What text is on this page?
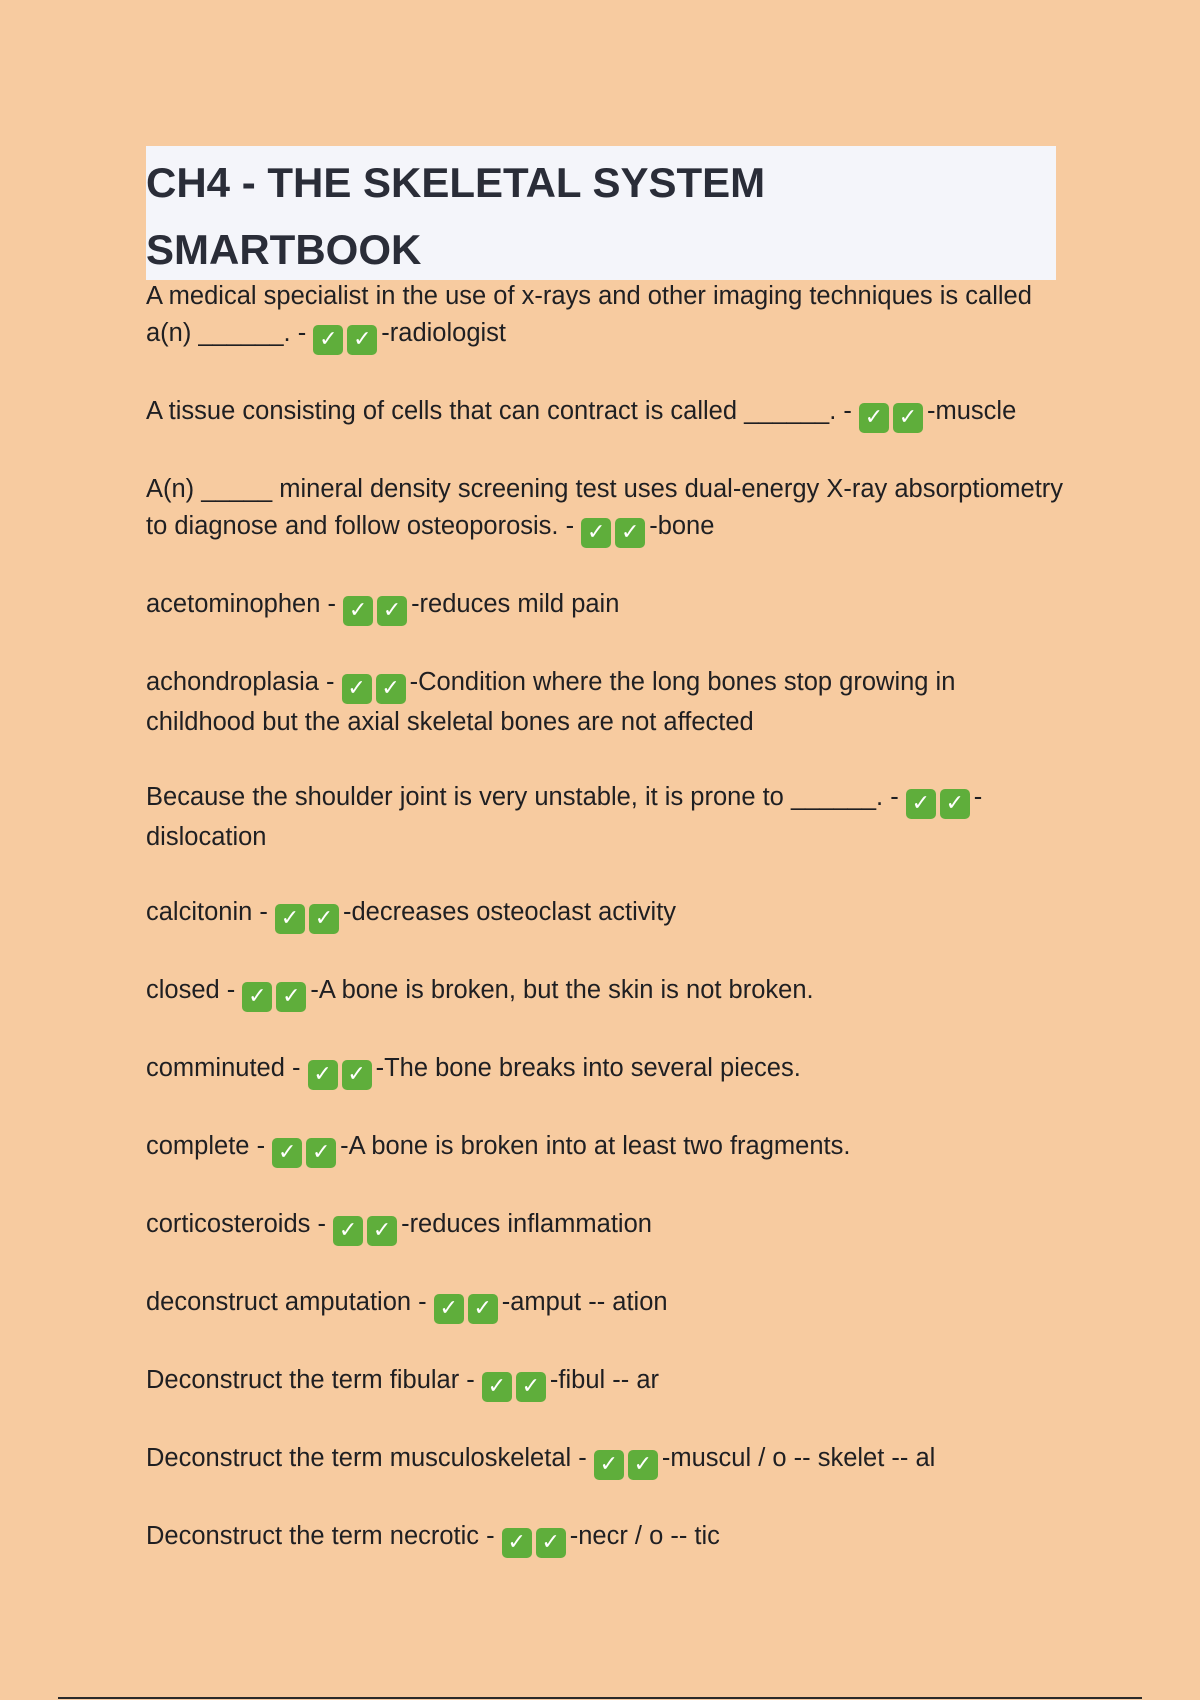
CH4 - THE SKELETAL SYSTEM
SMARTBOOK

A medical specialist in the use of x-rays and other imaging techniques is called a(n) ______. - ✓ ✓ -radiologist

A tissue consisting of cells that can contract is called ______. - ✓ ✓ -muscle

A(n) _____ mineral density screening test uses dual-energy X-ray absorptiometry to diagnose and follow osteoporosis. - ✓ ✓ -bone

acetominophen - ✓ ✓ -reduces mild pain

achondroplasia - ✓ ✓ -Condition where the long bones stop growing in childhood but the axial skeletal bones are not affected

Because the shoulder joint is very unstable, it is prone to ______. - ✓ ✓ -dislocation

calcitonin - ✓ ✓ -decreases osteoclast activity

closed - ✓ ✓ -A bone is broken, but the skin is not broken.

comminuted - ✓ ✓ -The bone breaks into several pieces.

complete - ✓ ✓ -A bone is broken into at least two fragments.

corticosteroids - ✓ ✓ -reduces inflammation

deconstruct amputation - ✓ ✓ -amput -- ation

Deconstruct the term fibular - ✓ ✓ -fibul -- ar

Deconstruct the term musculoskeletal - ✓ ✓ -muscul / o -- skelet -- al

Deconstruct the term necrotic - ✓ ✓ -necr / o -- tic
